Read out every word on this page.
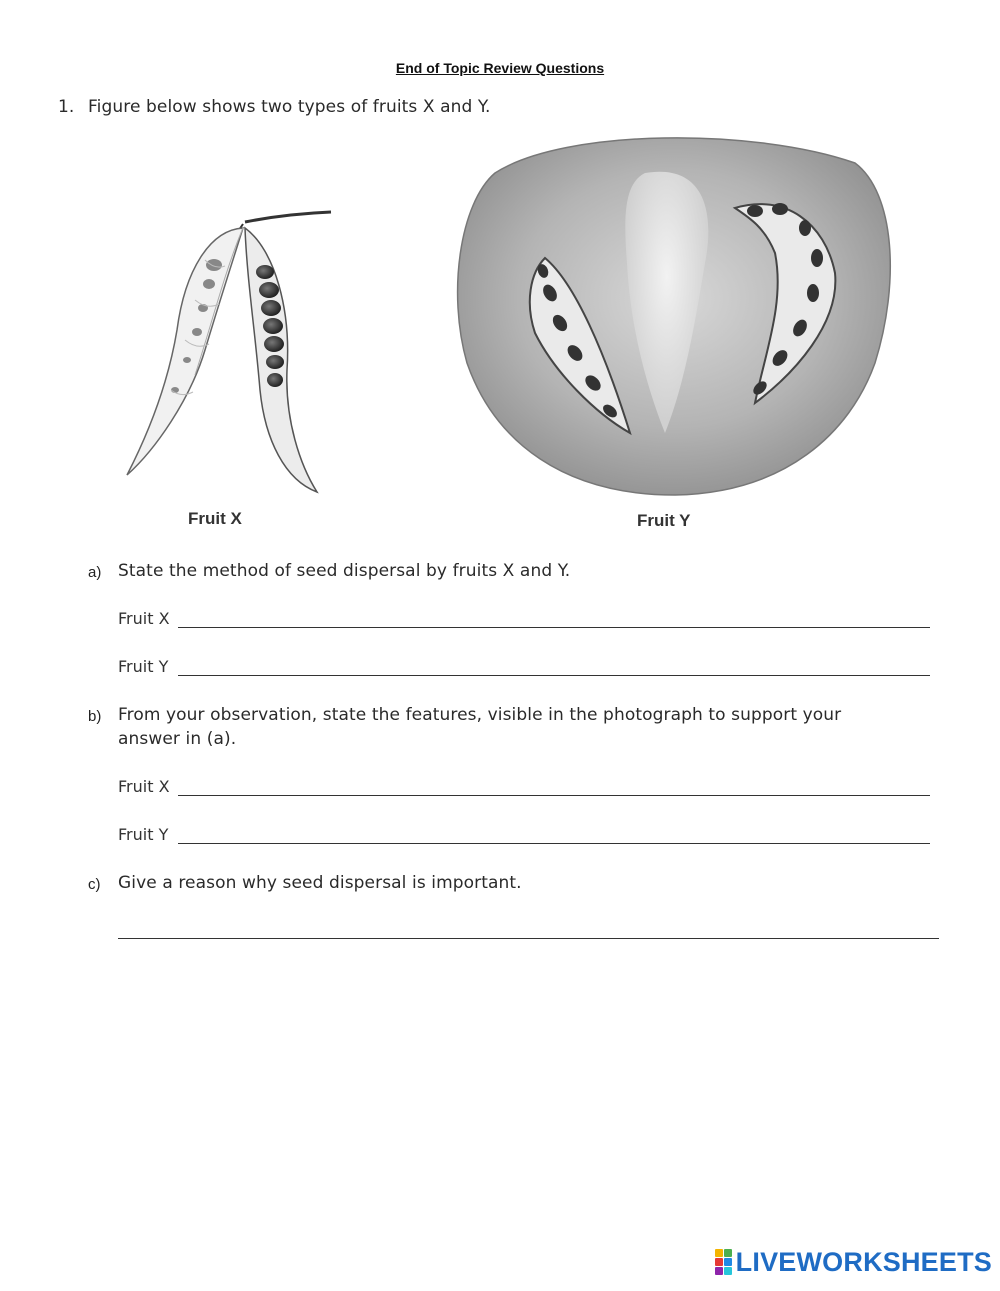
End of Topic Review Questions
1. Figure below shows two types of fruits X and Y.
Fruit X	Fruit Y
a) State the method of seed dispersal by fruits X and Y.
Fruit X
Fruit Y
b) From your observation, state the features, visible in the photograph to support your
answer in (a).
Fruit X
Fruit Y
c) Give a reason why seed dispersal is important.
LIVEWORKSHEETS
